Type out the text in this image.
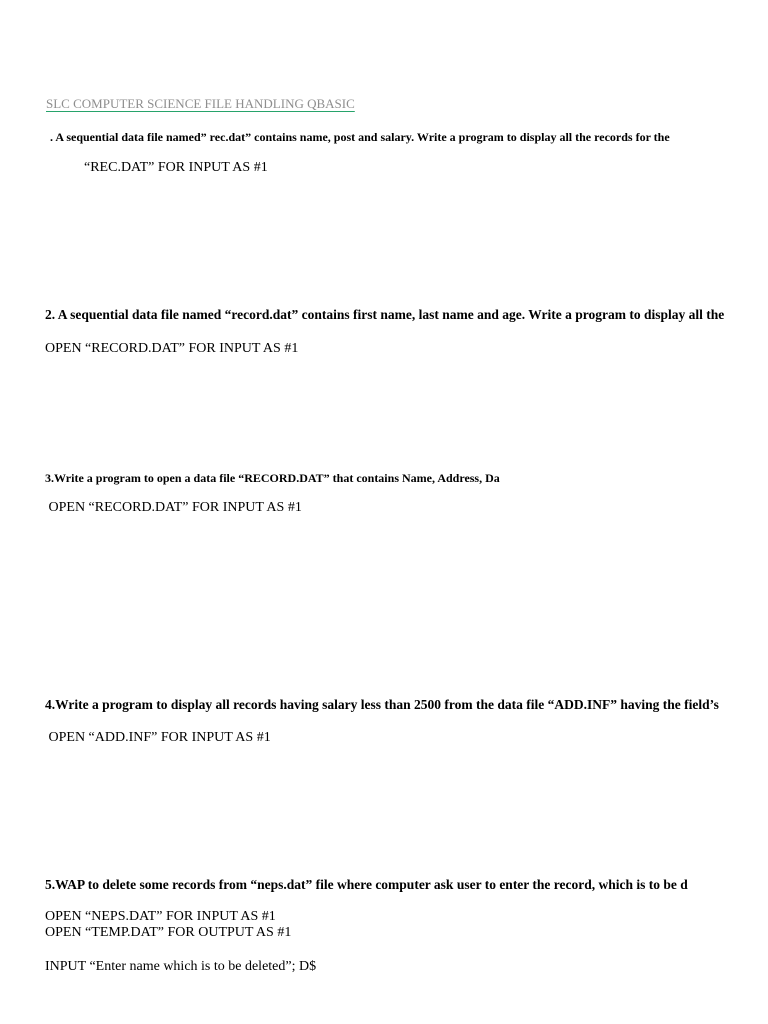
SLC COMPUTER SCIENCE FILE HANDLING QBASIC
. A sequential data file named” rec.dat” contains name, post and salary. Write a program to display all the records for the
“REC.DAT” FOR INPUT AS #1
2. A sequential data file named “record.dat” contains first name, last name and age. Write a program to display all the
OPEN “RECORD.DAT” FOR INPUT AS #1
3.Write a program to open a data file “RECORD.DAT” that contains Name, Address, Da
OPEN “RECORD.DAT” FOR INPUT AS #1
4.Write a program to display all records having salary less than 2500 from the data file “ADD.INF” having the field’s
OPEN “ADD.INF” FOR INPUT AS #1
5.WAP to delete some records from “neps.dat” file where computer ask user to enter the record, which is to be d
OPEN “NEPS.DAT” FOR INPUT AS #1
OPEN “TEMP.DAT” FOR OUTPUT AS #1
INPUT “Enter name which is to be deleted”; D$
